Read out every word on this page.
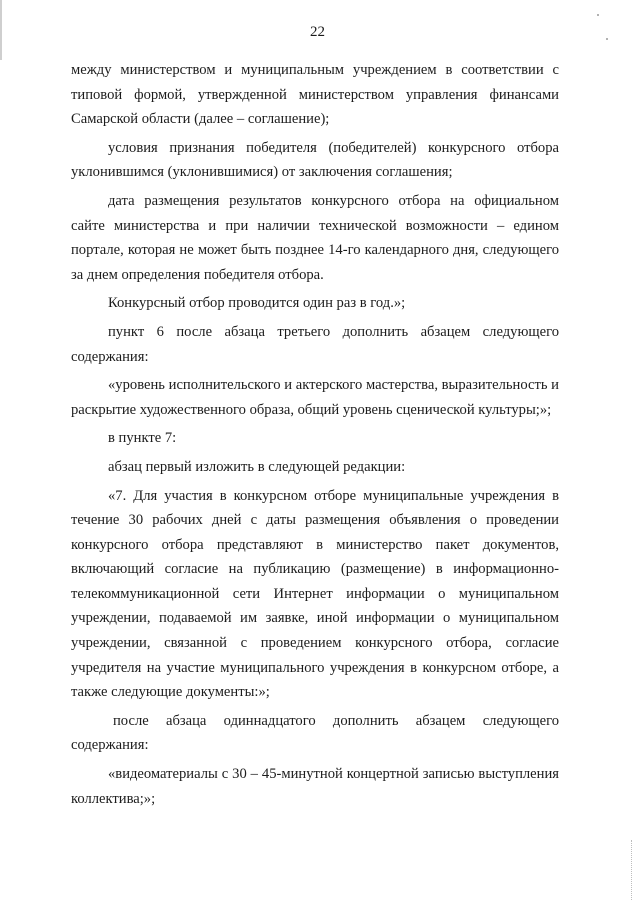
22

между министерством и муниципальным учреждением в соответствии с типовой формой, утвержденной министерством управления финансами Самарской области (далее – соглашение);

условия признания победителя (победителей) конкурсного отбора уклонившимся (уклонившимися) от заключения соглашения;

дата размещения результатов конкурсного отбора на официальном сайте министерства и при наличии технической возможности – едином портале, которая не может быть позднее 14-го календарного дня, следующего за днем определения победителя отбора.

Конкурсный отбор проводится один раз в год.»;

пункт 6 после абзаца третьего дополнить абзацем следующего содержания:

«уровень исполнительского и актерского мастерства, выразительность и раскрытие художественного образа, общий уровень сценической культуры;»;

в пункте 7:

абзац первый изложить в следующей редакции:

«7. Для участия в конкурсном отборе муниципальные учреждения в течение 30 рабочих дней с даты размещения объявления о проведении конкурсного отбора представляют в министерство пакет документов, включающий согласие на публикацию (размещение) в информационно-телекоммуникационной сети Интернет информации о муниципальном учреждении, подаваемой им заявке, иной информации о муниципальном учреждении, связанной с проведением конкурсного отбора, согласие учредителя на участие муниципального учреждения в конкурсном отборе, а также следующие документы:»;

после абзаца одиннадцатого дополнить абзацем следующего содержания:

«видеоматериалы с 30 – 45-минутной концертной записью выступления коллектива;»;
